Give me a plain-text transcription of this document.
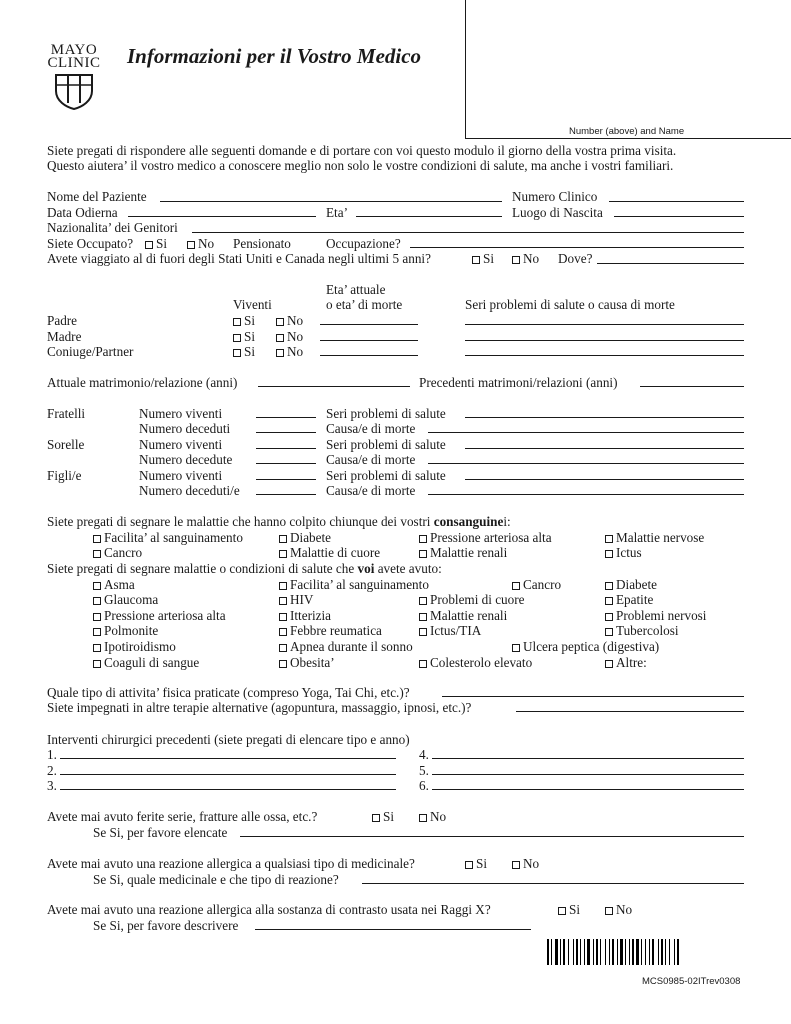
MAYO CLINIC Informazioni per il Vostro Medico
Number (above) and Name
Siete pregati di rispondere alle seguenti domande e di portare con voi questo modulo il giorno della vostra prima visita.
Questo aiutera’ il vostro medico a conoscere meglio non solo le vostre condizioni di salute, ma anche i vostri familiari.
Nome del Paziente	Numero Clinico
Data Odierna	Eta’	Luogo di Nascita
Nazionalita’ dei Genitori
Siete Occupato?	Si	No Pensionato	Occupazione?
Avete viaggiato al di fuori degli Stati Uniti e Canada negli ultimi 5 anni?	Si	No Dove?
Eta’ attuale
Viventi	o eta’ di morte	Seri problemi di salute o causa di morte
Padre	Si	No
Madre	Si	No
Coniuge/Partner	Si	No
Attuale matrimonio/relazione (anni)	Precedenti matrimoni/relazioni (anni)
Fratelli	Numero viventi	Seri problemi di salute
Numero deceduti	Causa/e di morte
Sorelle	Numero viventi	Seri problemi di salute
Numero decedute	Causa/e di morte
Figli/e	Numero viventi	Seri problemi di salute
Numero deceduti/e	Causa/e di morte
Siete pregati di segnare le malattie che hanno colpito chiunque dei vostri consanguinei:
Facilita’ al sanguinamento	Diabete	Pressione arteriosa alta	Malattie nervose
Cancro	Malattie di cuore	Malattie renali	Ictus
Siete pregati di segnare malattie o condizioni di salute che voi avete avuto:
Asma	Facilita’ al sanguinamento	Cancro	Diabete
Glaucoma	HIV	Problemi di cuore	Epatite
Pressione arteriosa alta	Itterizia	Malattie renali	Problemi nervosi
Polmonite	Febbre reumatica	Ictus/TIA	Tubercolosi
Ipotiroidismo	Apnea durante il sonno	Ulcera peptica (digestiva)
Coaguli di sangue	Obesita’	Colesterolo elevato	Altre:
Quale tipo di attivita’ fisica praticate (compreso Yoga, Tai Chi, etc.)?
Siete impegnati in altre terapie alternative (agopuntura, massaggio, ipnosi, etc.)?
Interventi chirurgici precedenti (siete pregati di elencare tipo e anno)
1.	4.
2.	5.
3.	6.
Avete mai avuto ferite serie, fratture alle ossa, etc.?	Si	No
Se Si, per favore elencate
Avete mai avuto una reazione allergica a qualsiasi tipo di medicinale?	Si	No
Se Si, quale medicinale e che tipo di reazione?
Avete mai avuto una reazione allergica alla sostanza di contrasto usata nei Raggi X?	Si	No
Se Si, per favore descrivere
MCS0985-02ITrev0308
